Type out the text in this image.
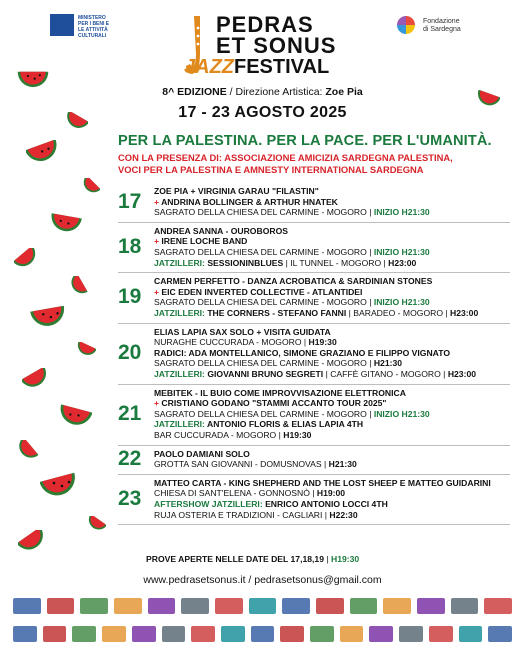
MINISTERO
PER I BENI E
LE ATTIVITÀ
CULTURALI	PEDRAS
ET SONUS
JAZZFESTIVAL
Fondazione
di Sardegna
8^ EDIZIONE / Direzione Artistica: Zoe Pia
17 - 23 AGOSTO 2025
PER LA PALESTINA. PER LA PACE. PER L'UMANITÀ.
CON LA PRESENZA DI: ASSOCIAZIONE AMICIZIA SARDEGNA PALESTINA,
VOCI PER LA PALESTINA E AMNESTY INTERNATIONAL SARDEGNA
17	ZOE PIA + VIRGINIA GARAU "FILASTIN"
+ ANDRINA BOLLINGER & ARTHUR HNATEK
SAGRATO DELLA CHIESA DEL CARMINE - MOGORO | INIZIO H21:30
18
ANDREA SANNA - OUROBOROS
+ IRENE LOCHE BAND
SAGRATO DELLA CHIESA DEL CARMINE - MOGORO | INIZIO H21:30
JATZILLERI: SESSIONINBLUES | IL TUNNEL - MOGORO | H23:00
19
CARMEN PERFETTO - DANZA ACROBATICA & SARDINIAN STONES
+ EIC EDEN INVERTED COLLECTIVE - ATLANTIDEI
SAGRATO DELLA CHIESA DEL CARMINE - MOGORO | INIZIO H21:30
JATZILLERI: THE CORNERS - STEFANO FANNI | BARADEO - MOGORO | H23:00
20
ELIAS LAPIA SAX SOLO + VISITA GUIDATA
NURAGHE CUCCURADA - MOGORO | H19:30
RADICI: ADA MONTELLANICO, SIMONE GRAZIANO E FILIPPO VIGNATO
SAGRATO DELLA CHIESA DEL CARMINE - MOGORO | H21:30
JATZILLERI: GIOVANNI BRUNO SEGRETI | CAFFÈ GITANO - MOGORO | H23:00
21
MEBITEK - IL BUIO COME IMPROVVISAZIONE ELETTRONICA
+ CRISTIANO GODANO "STAMMI ACCANTO TOUR 2025"
SAGRATO DELLA CHIESA DEL CARMINE - MOGORO | INIZIO H21:30
JATZILLERI: ANTONIO FLORIS & ELIAS LAPIA 4TH
BAR CUCCURADA - MOGORO | H19:30
22	PAOLO DAMIANI SOLO
GROTTA SAN GIOVANNI - DOMUSNOVAS | H21:30
23
MATTEO CARTA - KING SHEPHERD AND THE LOST SHEEP E MATTEO GUIDARINI
CHIESA DI SANT'ELENA - GONNOSNÒ | H19:00
AFTERSHOW JATZILLERI: ENRICO ANTONIO LOCCI 4TH
RUJA OSTERIA E TRADIZIONI - CAGLIARI | H22:30
PROVE APERTE NELLE DATE DEL 17,18,19 | H19:30
www.pedrasetsonus.it / pedrasetsonus@gmail.com
